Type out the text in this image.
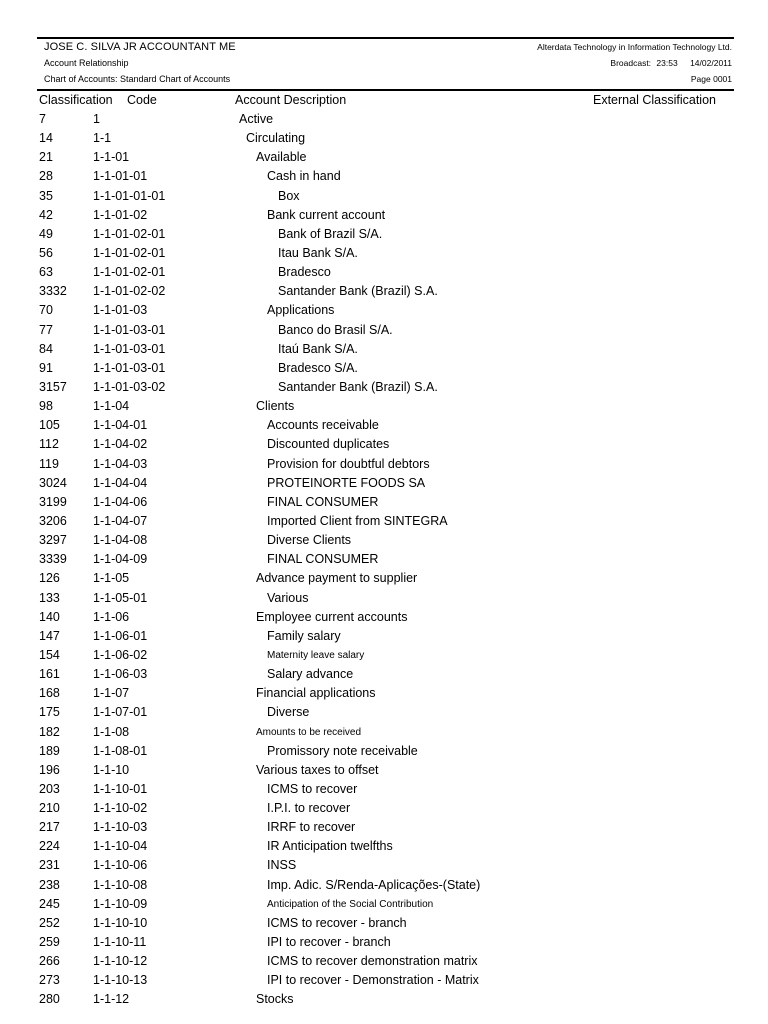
JOSE C. SILVA JR ACCOUNTANT ME
Account Relationship
Chart of Accounts: Standard Chart of Accounts
Alterdata Technology in Information Technology Ltd.
Broadcast: 23:53 14/02/2011
Page 0001
Classification Code	Account Description	External Classification
7	1	Active
14	1-1	Circulating
21	1-1-01	Available
28	1-1-01-01	Cash in hand
35	1-1-01-01-01	Box
42	1-1-01-02	Bank current account
49	1-1-01-02-01	Bank of Brazil S/A.
56	1-1-01-02-01	Itau Bank S/A.
63	1-1-01-02-01	Bradesco
3332 1-1-01-02-02	Santander Bank (Brazil) S.A.
70	1-1-01-03	Applications
77	1-1-01-03-01	Banco do Brasil S/A.
84	1-1-01-03-01	Itaú Bank S/A.
91	1-1-01-03-01	Bradesco S/A.
3157 1-1-01-03-02	Santander Bank (Brazil) S.A.
98	1-1-04	Clients
105	1-1-04-01	Accounts receivable
112	1-1-04-02	Discounted duplicates
119	1-1-04-03	Provision for doubtful debtors
3024 1-1-04-04	PROTEINORTE FOODS SA
3199 1-1-04-06	FINAL CONSUMER
3206 1-1-04-07	Imported Client from SINTEGRA
3297 1-1-04-08	Diverse Clients
3339 1-1-04-09	FINAL CONSUMER
126	1-1-05	Advance payment to supplier
133	1-1-05-01	Various
140	1-1-06	Employee current accounts
147	1-1-06-01	Family salary
154	1-1-06-02	Maternity leave salary
161	1-1-06-03	Salary advance
168	1-1-07	Financial applications
175	1-1-07-01	Diverse
182	1-1-08	Amounts to be received
189	1-1-08-01	Promissory note receivable
196	1-1-10	Various taxes to offset
203	1-1-10-01	ICMS to recover
210	1-1-10-02	I.P.I. to recover
217	1-1-10-03	IRRF to recover
224	1-1-10-04	IR Anticipation twelfths
231	1-1-10-06	INSS
238	1-1-10-08	Imp. Adic. S/Renda-Aplicações-(State)
245	1-1-10-09	Anticipation of the Social Contribution
252	1-1-10-10	ICMS to recover - branch
259	1-1-10-11	IPI to recover - branch
266	1-1-10-12	ICMS to recover demonstration matrix
273	1-1-10-13	IPI to recover - Demonstration - Matrix
280	1-1-12	Stocks
